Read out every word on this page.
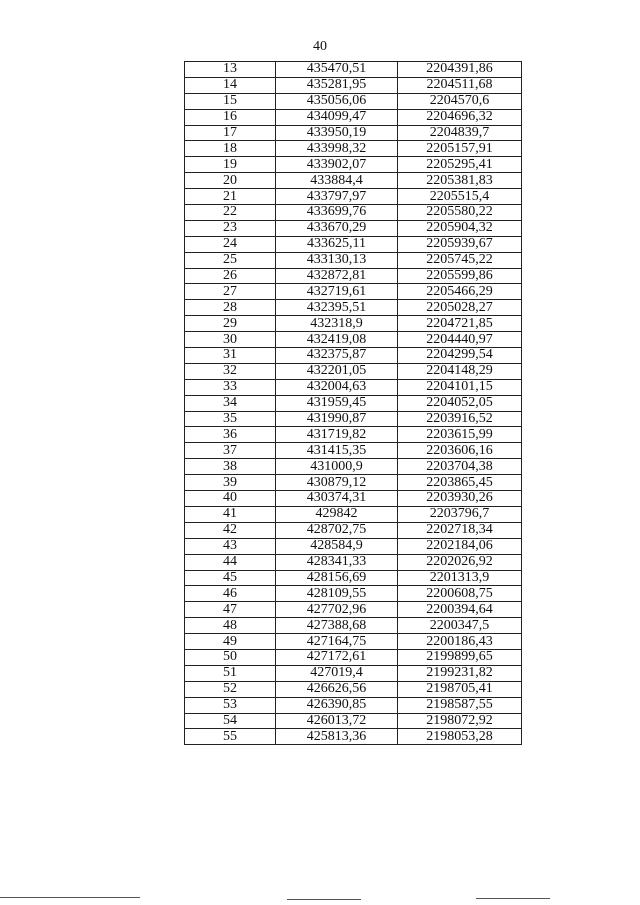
40
13	435470,51	2204391,86
14	435281,95	2204511,68
15	435056,06	2204570,6
16	434099,47	2204696,32
17	433950,19	2204839,7
18	433998,32	2205157,91
19	433902,07	2205295,41
20	433884,4	2205381,83
21	433797,97	2205515,4
22	433699,76	2205580,22
23	433670,29	2205904,32
24	433625,11	2205939,67
25	433130,13	2205745,22
26	432872,81	2205599,86
27	432719,61	2205466,29
28	432395,51	2205028,27
29	432318,9	2204721,85
30	432419,08	2204440,97
31	432375,87	2204299,54
32	432201,05	2204148,29
33	432004,63	2204101,15
34	431959,45	2204052,05
35	431990,87	2203916,52
36	431719,82	2203615,99
37	431415,35	2203606,16
38	431000,9	2203704,38
39	430879,12	2203865,45
40	430374,31	2203930,26
41	429842	2203796,7
42	428702,75	2202718,34
43	428584,9	2202184,06
44	428341,33	2202026,92
45	428156,69	2201313,9
46	428109,55	2200608,75
47	427702,96	2200394,64
48	427388,68	2200347,5
49	427164,75	2200186,43
50	427172,61	2199899,65
51	427019,4	2199231,82
52	426626,56	2198705,41
53	426390,85	2198587,55
54	426013,72	2198072,92
55	425813,36	2198053,28
